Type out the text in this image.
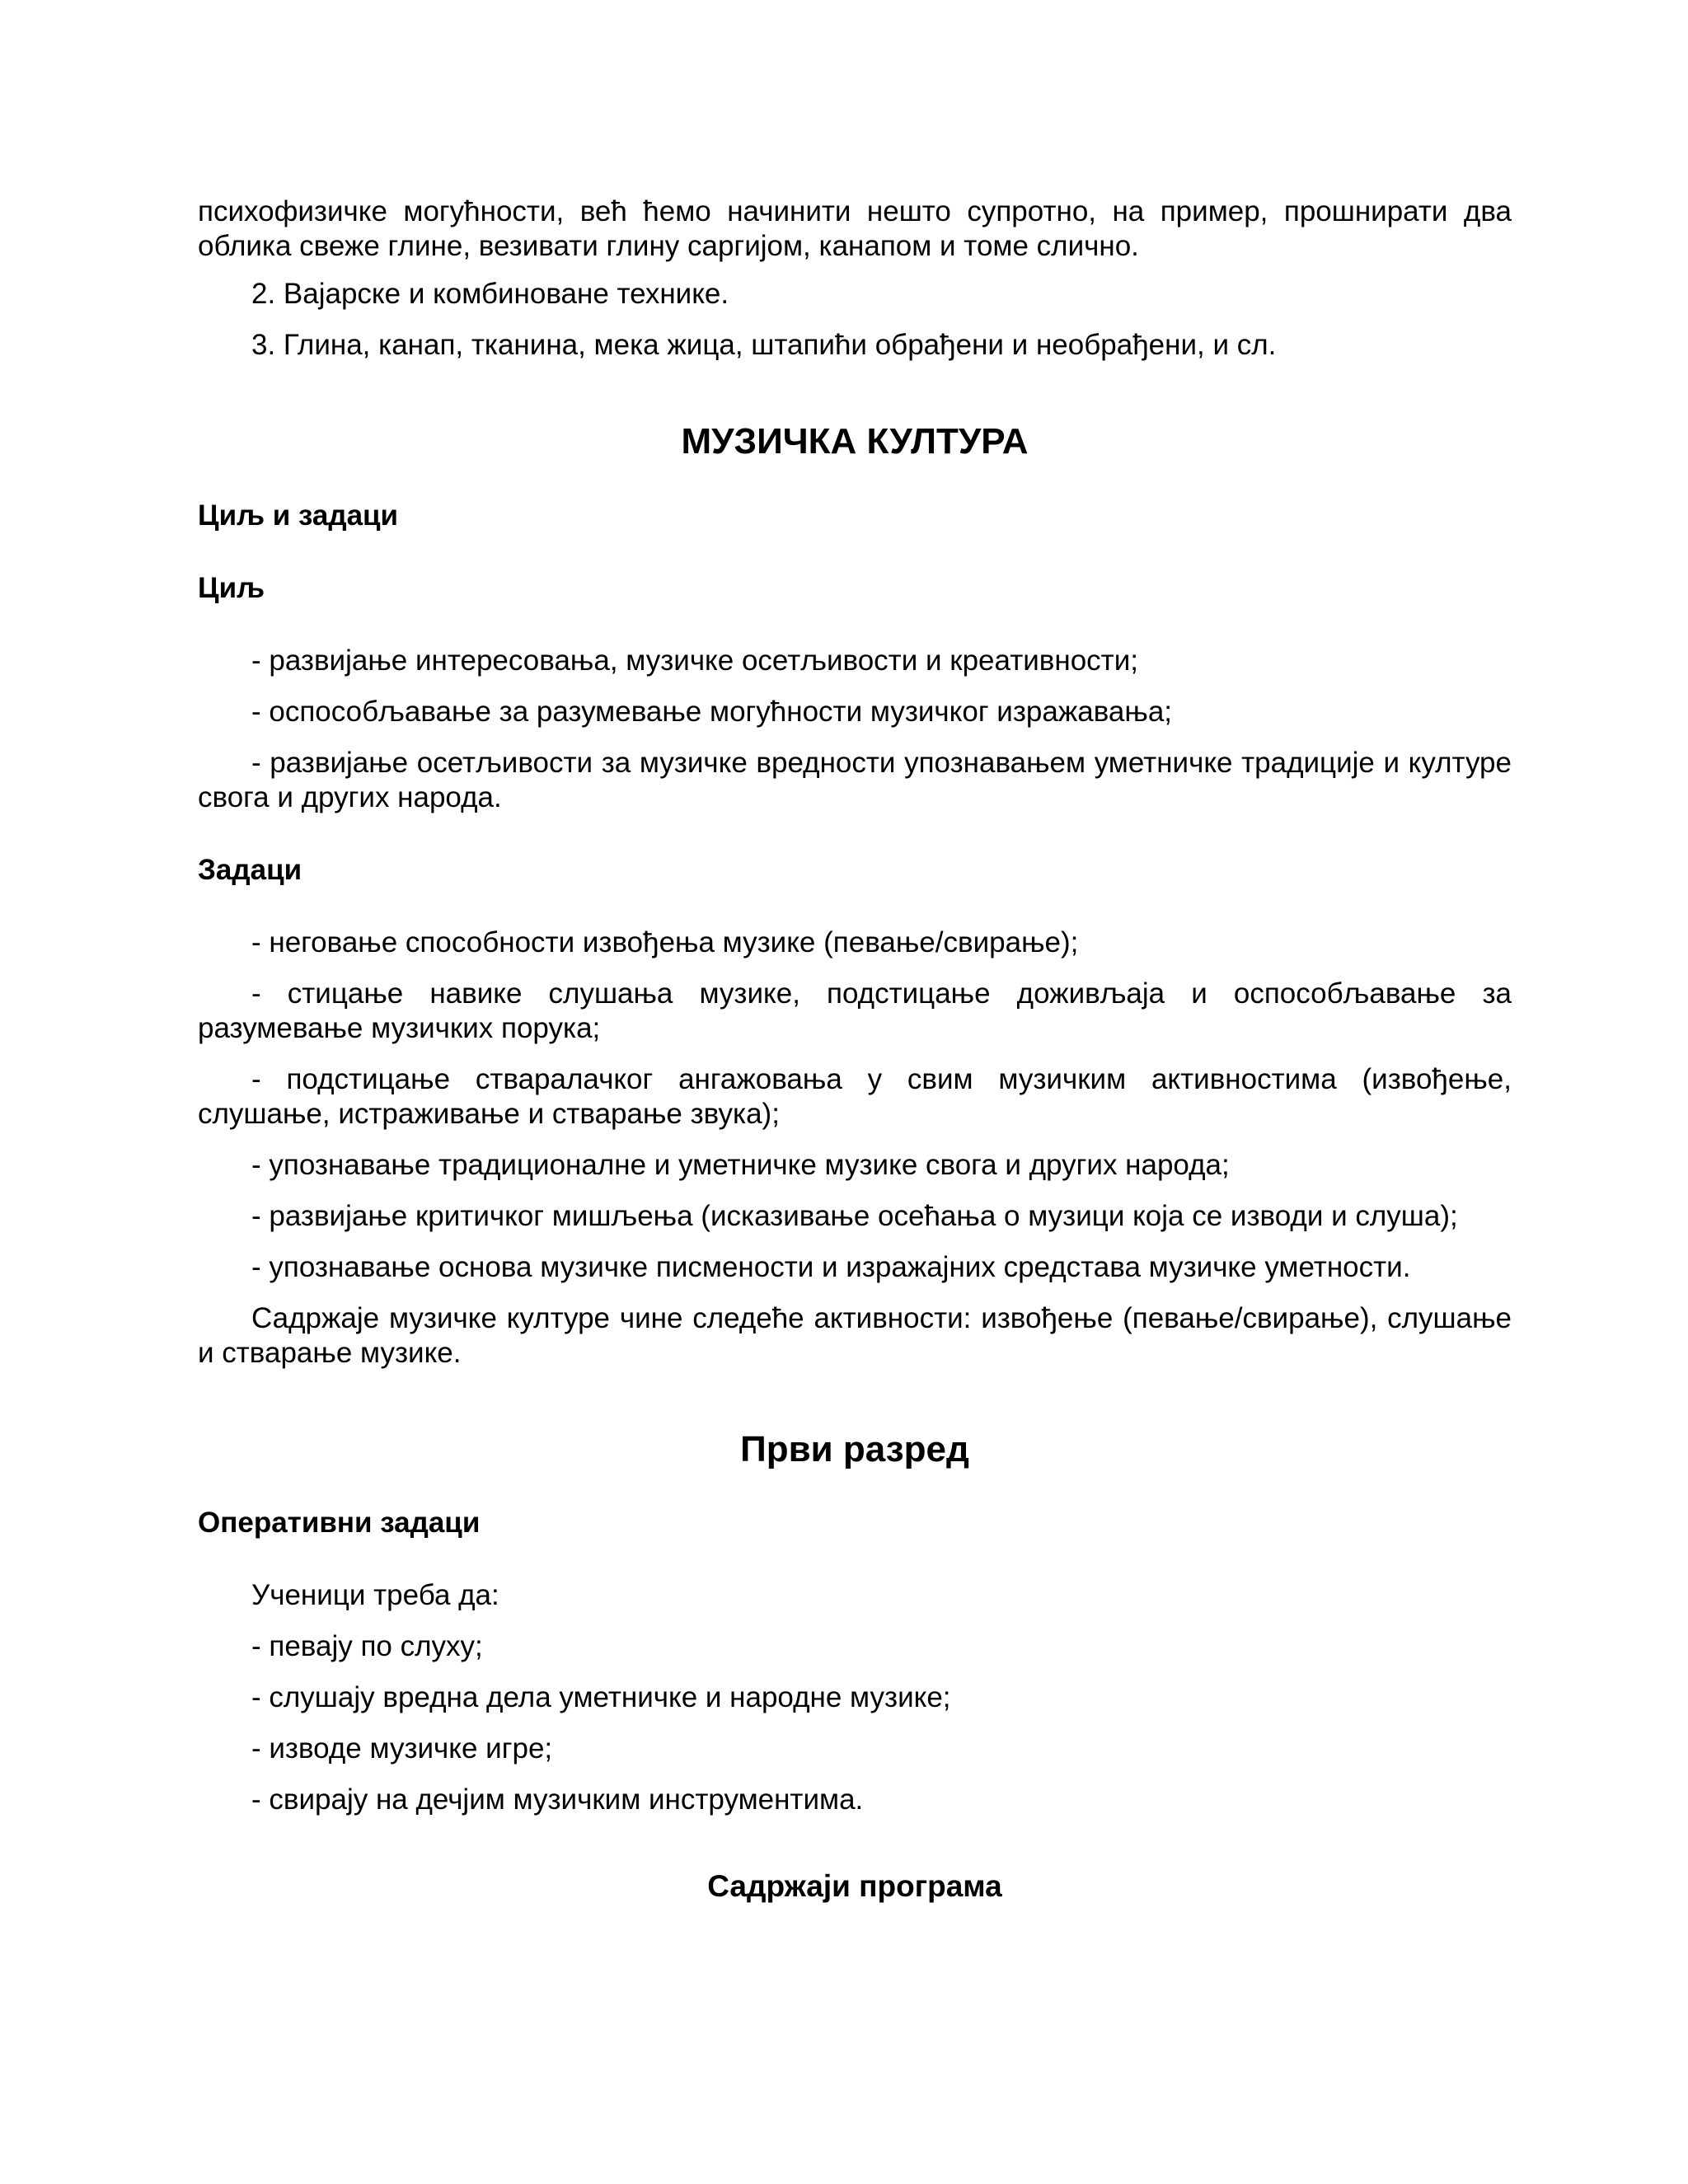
психофизичке могућности, већ ћемо начинити нешто супротно, на пример, прошнирати два облика свеже глине, везивати глину саргијом, канапом и томе слично.

2. Вајарске и комбиноване технике.

3. Глина, канап, тканина, мека жица, штапићи обрађени и необрађени, и сл.

МУЗИЧКА КУЛТУРА
Циљ и задаци
Циљ

- развијање интересовања, музичке осетљивости и креативности;

- оспособљавање за разумевање могућности музичког изражавања;

- развијање осетљивости за музичке вредности упознавањем уметничке традиције и културе свога и других народа.

Задаци

- неговање способности извођења музике (певање/свирање);

- стицање навике слушања музике, подстицање доживљаја и оспособљавање за разумевање музичких порука;

- подстицање стваралачког ангажовања у свим музичким активностима (извођење, слушање, истраживање и стварање звука);

- упознавање традиционалне и уметничке музике свога и других народа;

- развијање критичког мишљења (исказивање осећања о музици која се изводи и слуша);

- упознавање основа музичке писмености и изражајних средстава музичке уметности.

Садржаје музичке културе чине следеће активности: извођење (певање/свирање), слушање и стварање музике.

Први разред
Оперативни задаци

Ученици треба да:

- певају по слуху;

- слушају вредна дела уметничке и народне музике;

- изводе музичке игре;

- свирају на дечјим музичким инструментима.

Садржаји програма
